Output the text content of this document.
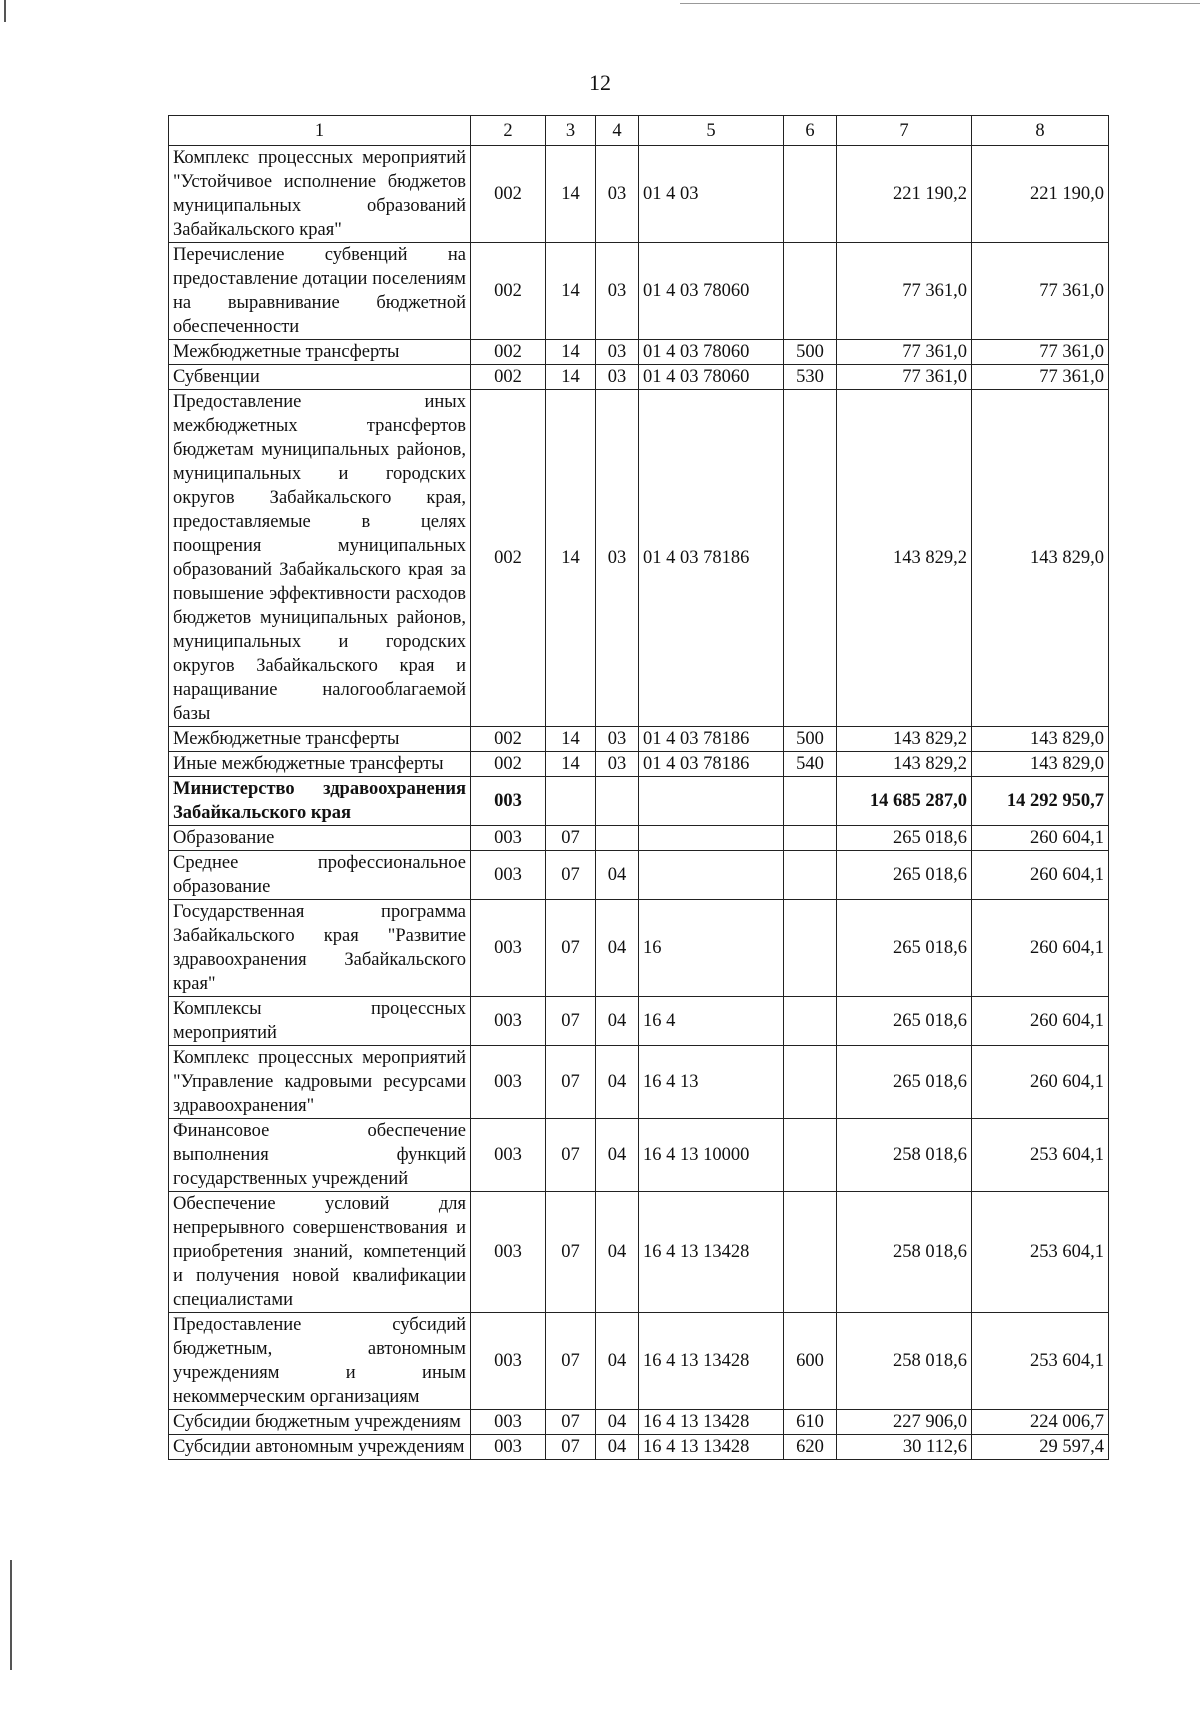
12
1	2	3	4	5	6	7	8
Комплекс процессных мероприятий "Устойчивое исполнение бюджетов муниципальных образований Забайкальского края"	002	14	03	01 4 03		221 190,2	221 190,0
Перечисление субвенций на предоставление дотации поселениям на выравнивание бюджетной обеспеченности	002	14	03	01 4 03 78060		77 361,0	77 361,0
Межбюджетные трансферты	002	14	03	01 4 03 78060	500	77 361,0	77 361,0
Субвенции	002	14	03	01 4 03 78060	530	77 361,0	77 361,0
Предоставление иных межбюджетных трансфертов бюджетам муниципальных районов, муниципальных и городских округов Забайкальского края, предоставляемые в целях поощрения муниципальных образований Забайкальского края за повышение эффективности расходов бюджетов муниципальных районов, муниципальных и городских округов Забайкальского края и наращивание налогооблагаемой базы	002	14	03	01 4 03 78186		143 829,2	143 829,0
Межбюджетные трансферты	002	14	03	01 4 03 78186	500	143 829,2	143 829,0
Иные межбюджетные трансферты	002	14	03	01 4 03 78186	540	143 829,2	143 829,0
Министерство здравоохранения Забайкальского края	003					14 685 287,0	14 292 950,7
Образование	003	07				265 018,6	260 604,1
Среднее профессиональное образование	003	07	04			265 018,6	260 604,1
Государственная программа Забайкальского края "Развитие здравоохранения Забайкальского края"	003	07	04	16		265 018,6	260 604,1
Комплексы процессных мероприятий	003	07	04	16 4		265 018,6	260 604,1
Комплекс процессных мероприятий "Управление кадровыми ресурсами здравоохранения"	003	07	04	16 4 13		265 018,6	260 604,1
Финансовое обеспечение выполнения функций государственных учреждений	003	07	04	16 4 13 10000		258 018,6	253 604,1
Обеспечение условий для непрерывного совершенствования и приобретения знаний, компетенций и получения новой квалификации специалистами	003	07	04	16 4 13 13428		258 018,6	253 604,1
Предоставление субсидий бюджетным, автономным учреждениям и иным некоммерческим организациям	003	07	04	16 4 13 13428	600	258 018,6	253 604,1
Субсидии бюджетным учреждениям	003	07	04	16 4 13 13428	610	227 906,0	224 006,7
Субсидии автономным учреждениям	003	07	04	16 4 13 13428	620	30 112,6	29 597,4
